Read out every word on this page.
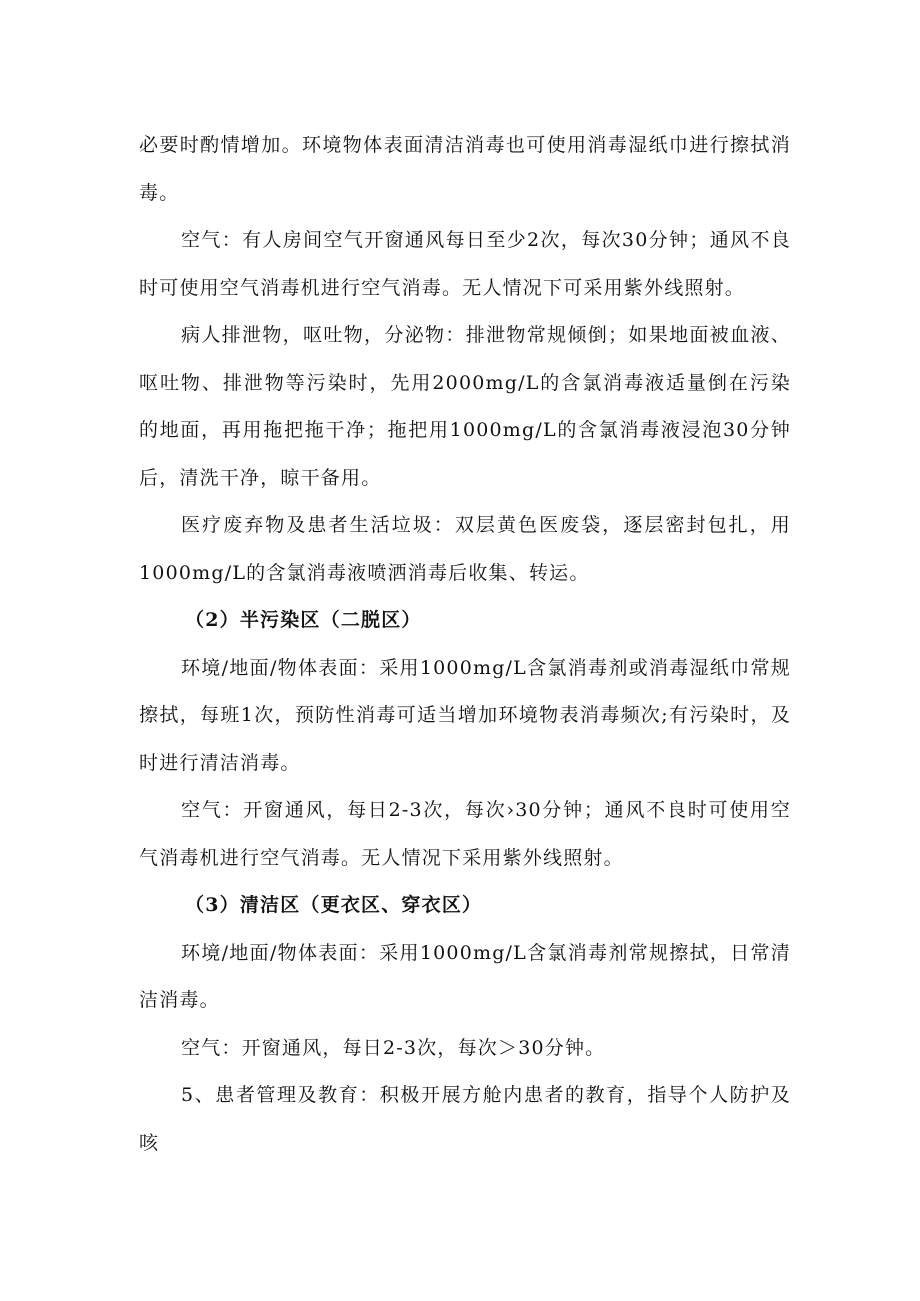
必要时酌情增加。环境物体表面清洁消毒也可使用消毒湿纸巾进行擦拭消毒。

空气：有人房间空气开窗通风每日至少2次，每次30分钟；通风不良时可使用空气消毒机进行空气消毒。无人情况下可采用紫外线照射。

病人排泄物，呕吐物，分泌物：排泄物常规倾倒；如果地面被血液、呕吐物、排泄物等污染时，先用2000mg/L的含氯消毒液适量倒在污染的地面，再用拖把拖干净；拖把用1000mg/L的含氯消毒液浸泡30分钟后，清洗干净，晾干备用。

医疗废弃物及患者生活垃圾：双层黄色医废袋，逐层密封包扎，用1000mg/L的含氯消毒液喷洒消毒后收集、转运。

（2）半污染区（二脱区）

环境/地面/物体表面：采用1000mg/L含氯消毒剂或消毒湿纸巾常规擦拭，每班1次，预防性消毒可适当增加环境物表消毒频次;有污染时，及时进行清洁消毒。

空气：开窗通风，每日2-3次，每次›30分钟；通风不良时可使用空气消毒机进行空气消毒。无人情况下采用紫外线照射。

（3）清洁区（更衣区、穿衣区）

环境/地面/物体表面：采用1000mg/L含氯消毒剂常规擦拭，日常清洁消毒。

空气：开窗通风，每日2-3次，每次＞30分钟。

5、患者管理及教育：积极开展方舱内患者的教育，指导个人防护及咳
